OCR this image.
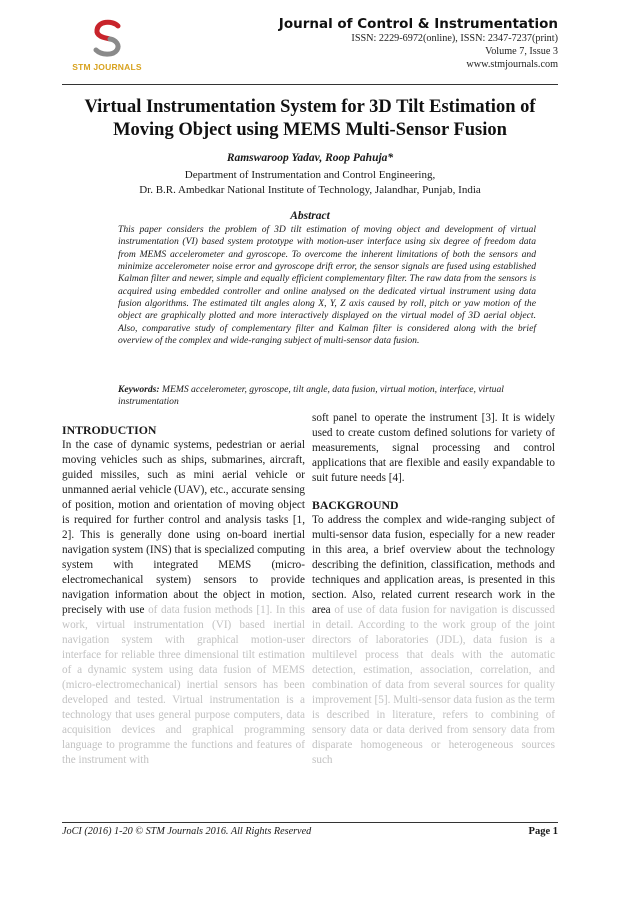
STM JOURNALS
Journal of Control & Instrumentation
ISSN: 2229-6972(online), ISSN: 2347-7237(print)
Volume 7, Issue 3
www.stmjournals.com
Virtual Instrumentation System for 3D Tilt Estimation of Moving Object using MEMS Multi-Sensor Fusion
Ramswaroop Yadav, Roop Pahuja*
Department of Instrumentation and Control Engineering,
Dr. B.R. Ambedkar National Institute of Technology, Jalandhar, Punjab, India
Abstract

This paper considers the problem of 3D tilt estimation of moving object and development of virtual instrumentation (VI) based system prototype with motion-user interface using six degree of freedom data from MEMS accelerometer and gyroscope. To overcome the inherent limitations of both the sensors and minimize accelerometer noise error and gyroscope drift error, the sensor signals are fused using established Kalman filter and newer, simple and equally efficient complementary filter. The raw data from the sensors is acquired using embedded controller and online analysed on the dedicated virtual instrument using data fusion algorithms. The estimated tilt angles along X, Y, Z axis caused by roll, pitch or yaw motion of the object are graphically plotted and more interactively displayed on the virtual model of 3D aerial object. Also, comparative study of complementary filter and Kalman filter is considered along with the brief overview of the complex and wide-ranging subject of multi-sensor data fusion.

Keywords: MEMS accelerometer, gyroscope, tilt angle, data fusion, virtual motion, interface, virtual instrumentation

INTRODUCTION

In the case of dynamic systems, pedestrian or aerial moving vehicles such as ships, submarines, aircraft, guided missiles, such as mini aerial vehicle or unmanned aerial vehicle (UAV), etc., accurate sensing of position, motion and orientation of moving object is required for further control and analysis tasks [1, 2]. This is generally done using on-board inertial navigation system (INS) that is specialized computing system with integrated MEMS (micro-electromechanical system) sensors to provide navigation information about the object in motion, precisely with use of data fusion methods [1]. In this work, virtual instrumentation (VI) based inertial navigation system with graphical motion-user interface for reliable three dimensional tilt estimation of a dynamic system using data fusion of MEMS (micro-electromechanical) inertial sensors has been developed and tested. Virtual instrumentation is a technology that uses general purpose computers, data acquisition devices and graphical programming language to programme the functions and features of the instrument with

soft panel to operate the instrument [3]. It is widely used to create custom defined solutions for variety of measurements, signal processing and control applications that are flexible and easily expandable to suit future needs [4].

BACKGROUND

To address the complex and wide-ranging subject of multi-sensor data fusion, especially for a new reader in this area, a brief overview about the technology describing the definition, classification, methods and techniques and application areas, is presented in this section. Also, related current research work in the area of use of data fusion for navigation is discussed in detail. According to the work group of the joint directors of laboratories (JDL), data fusion is a multilevel process that deals with the automatic detection, estimation, association, correlation, and combination of data from several sources for quality improvement [5]. Multi-sensor data fusion as the term is described in literature, refers to combining of sensory data or data derived from sensory data from disparate homogeneous or heterogeneous sources such

JoCI (2016) 1-20 © STM Journals 2016. All Rights Reserved	Page 1
